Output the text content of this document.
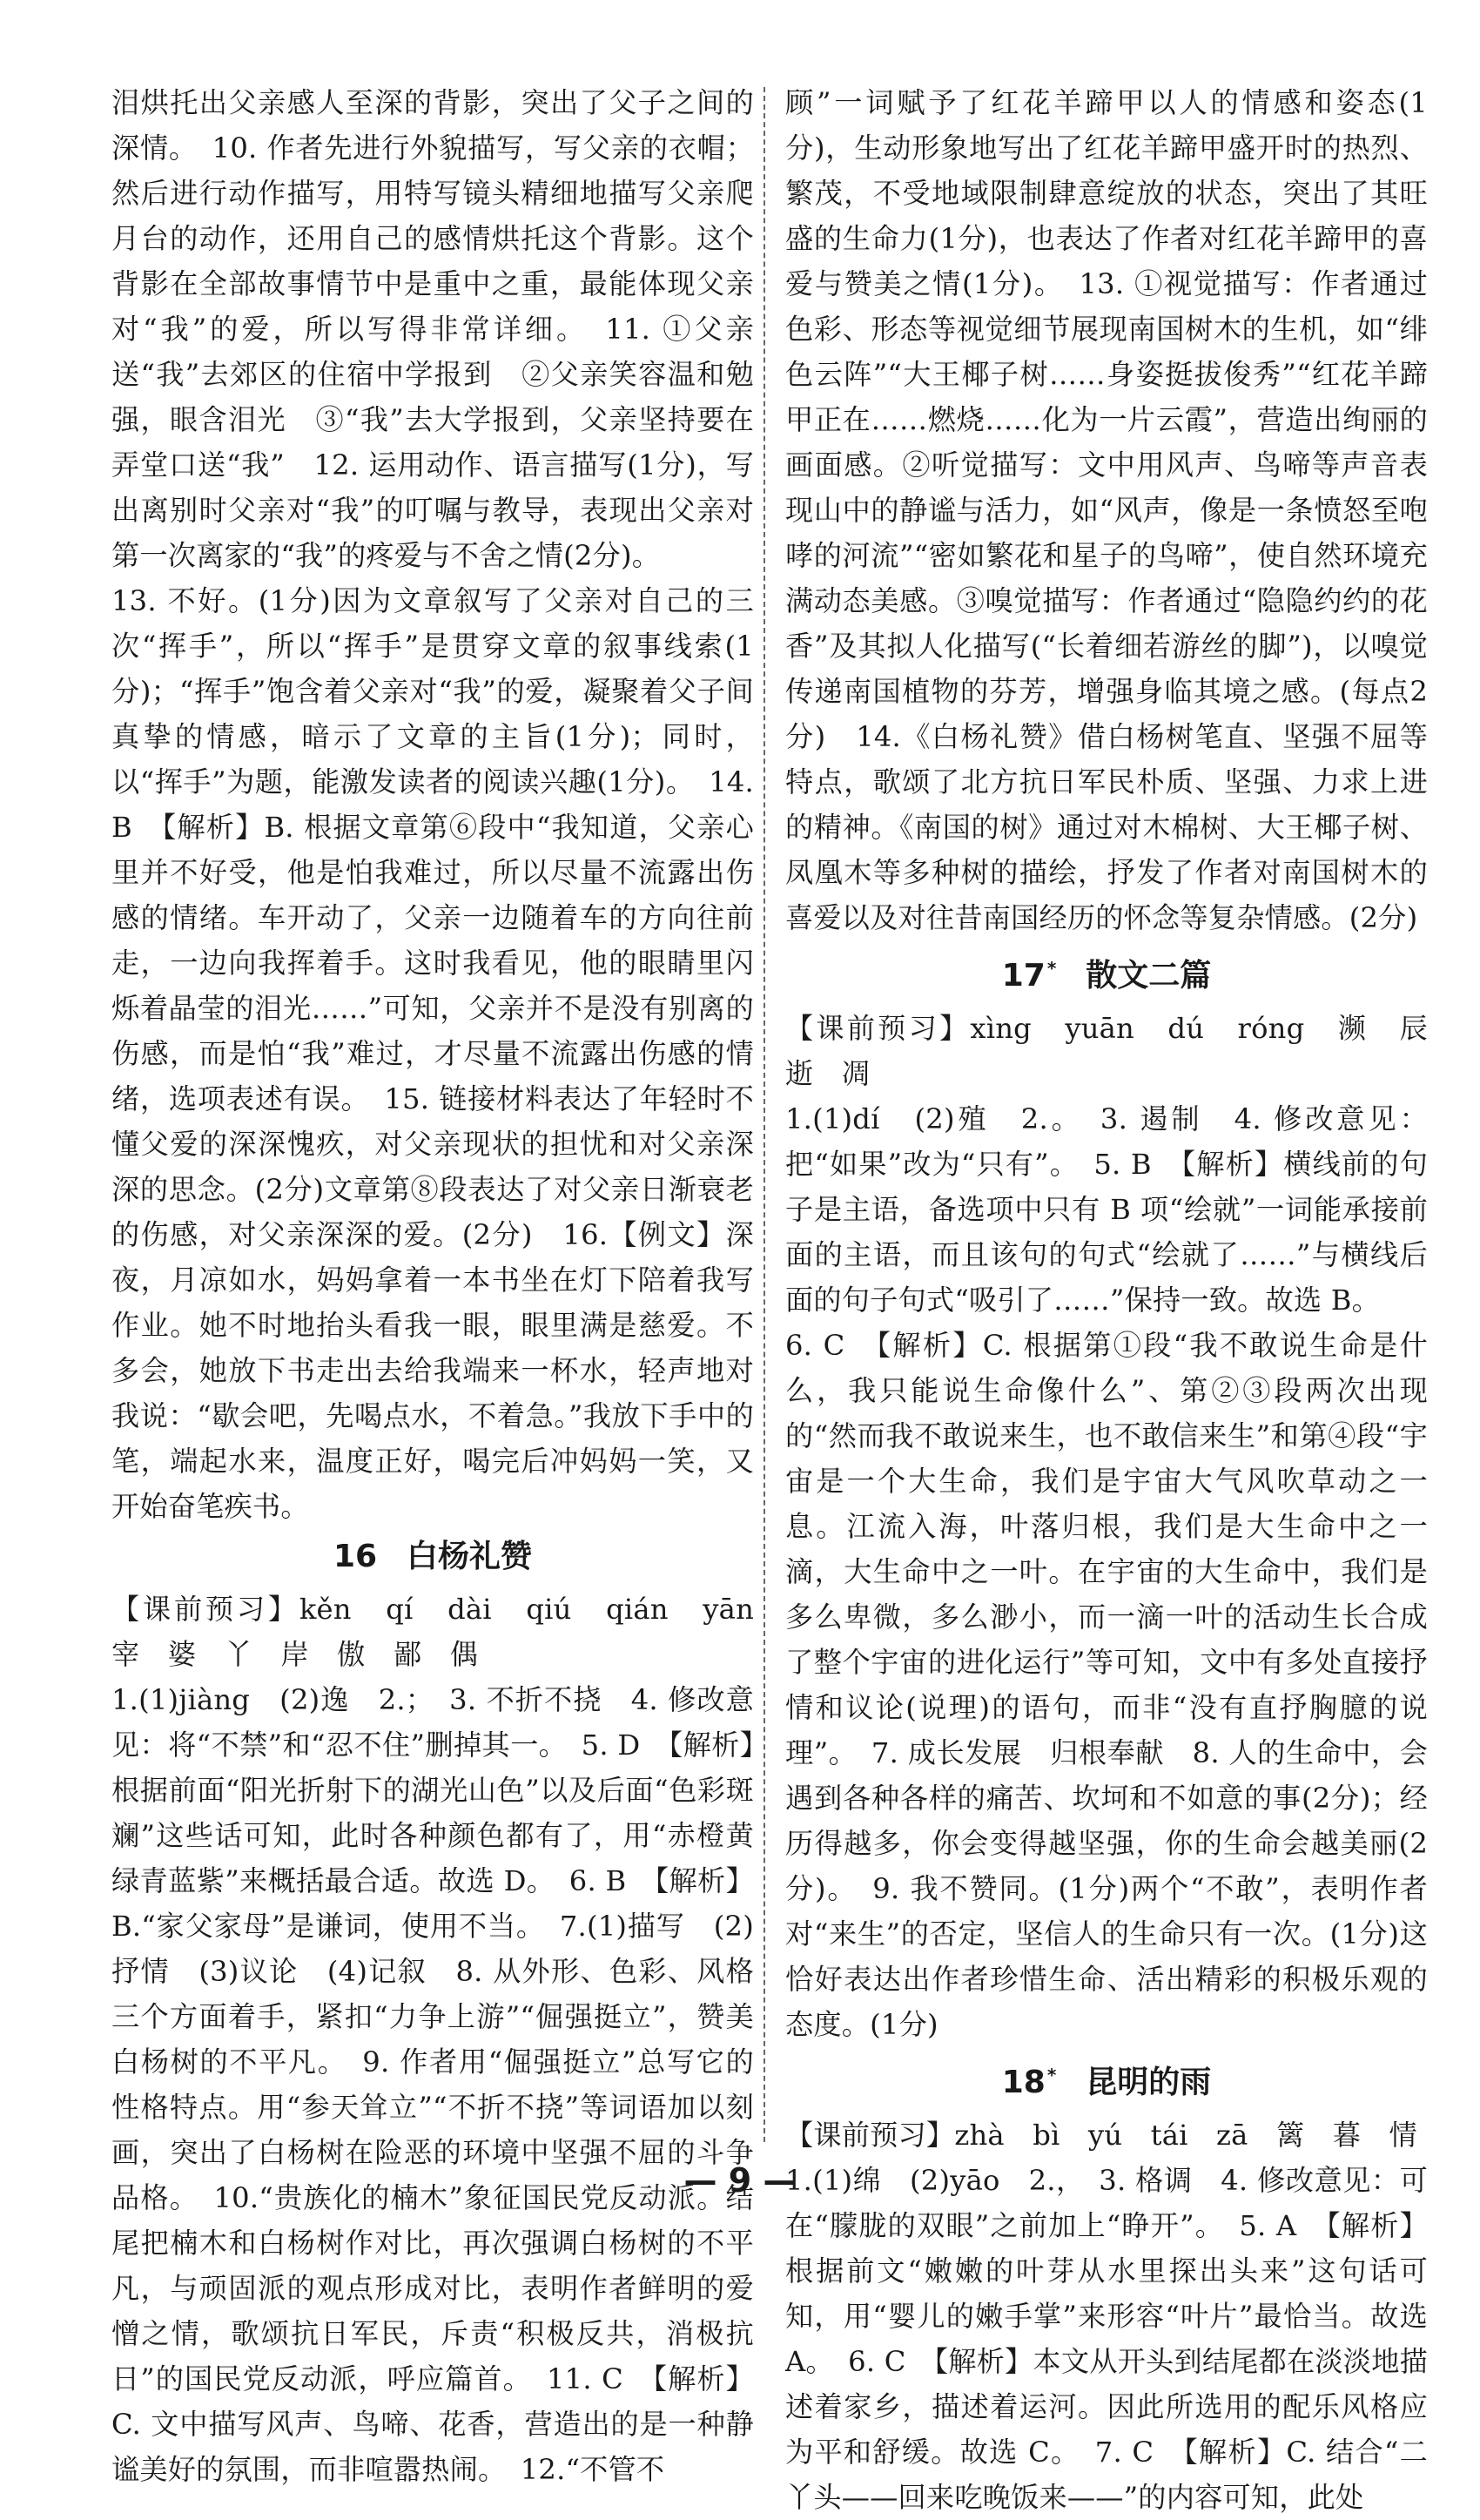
泪烘托出父亲感人至深的背影，突出了父子之间的深情。　10. 作者先进行外貌描写，写父亲的衣帽；然后进行动作描写，用特写镜头精细地描写父亲爬月台的动作，还用自己的感情烘托这个背影。这个背影在全部故事情节中是重中之重，最能体现父亲对“我”的爱，所以写得非常详细。　11. ①父亲送“我”去郊区的住宿中学报到　②父亲笑容温和勉强，眼含泪光　③“我”去大学报到，父亲坚持要在弄堂口送“我”　12. 运用动作、语言描写(1分)，写出离别时父亲对“我”的叮嘱与教导，表现出父亲对第一次离家的“我”的疼爱与不舍之情(2分)。

13. 不好。(1分)因为文章叙写了父亲对自己的三次“挥手”，所以“挥手”是贯穿文章的叙事线索(1分)；“挥手”饱含着父亲对“我”的爱，凝聚着父子间真挚的情感，暗示了文章的主旨(1分)；同时，以“挥手”为题，能激发读者的阅读兴趣(1分)。　14. B　【解析】B. 根据文章第⑥段中“我知道，父亲心里并不好受，他是怕我难过，所以尽量不流露出伤感的情绪。车开动了，父亲一边随着车的方向往前走，一边向我挥着手。这时我看见，他的眼睛里闪烁着晶莹的泪光……”可知，父亲并不是没有别离的伤感，而是怕“我”难过，才尽量不流露出伤感的情绪，选项表述有误。　15. 链接材料表达了年轻时不懂父爱的深深愧疚，对父亲现状的担忧和对父亲深深的思念。(2分)文章第⑧段表达了对父亲日渐衰老的伤感，对父亲深深的爱。(2分)　16.【例文】深夜，月凉如水，妈妈拿着一本书坐在灯下陪着我写作业。她不时地抬头看我一眼，眼里满是慈爱。不多会，她放下书走出去给我端来一杯水，轻声地对我说：“歇会吧，先喝点水，不着急。”我放下手中的笔，端起水来，温度正好，喝完后冲妈妈一笑，又开始奋笔疾书。

16 白杨礼赞

【课前预习】kěn　qí　dài　qiú　qián　yān　宰　婆　丫　岸　傲　鄙　偶

1.(1)jiàng　(2)逸　2.；　3. 不折不挠　4. 修改意见：将“不禁”和“忍不住”删掉其一。　5. D　【解析】根据前面“阳光折射下的湖光山色”以及后面“色彩斑斓”这些话可知，此时各种颜色都有了，用“赤橙黄绿青蓝紫”来概括最合适。故选 D。　6. B　【解析】B.“家父家母”是谦词，使用不当。　7.(1)描写　(2)抒情　(3)议论　(4)记叙　8. 从外形、色彩、风格三个方面着手，紧扣“力争上游”“倔强挺立”，赞美白杨树的不平凡。　9. 作者用“倔强挺立”总写它的性格特点。用“参天耸立”“不折不挠”等词语加以刻画，突出了白杨树在险恶的环境中坚强不屈的斗争品格。　10.“贵族化的楠木”象征国民党反动派。结尾把楠木和白杨树作对比，再次强调白杨树的不平凡，与顽固派的观点形成对比，表明作者鲜明的爱憎之情，歌颂抗日军民，斥责“积极反共，消极抗日”的国民党反动派，呼应篇首。　11. C　【解析】C. 文中描写风声、鸟啼、花香，营造出的是一种静谧美好的氛围，而非喧嚣热闹。　12.“不管不

顾”一词赋予了红花羊蹄甲以人的情感和姿态(1分)，生动形象地写出了红花羊蹄甲盛开时的热烈、繁茂，不受地域限制肆意绽放的状态，突出了其旺盛的生命力(1分)，也表达了作者对红花羊蹄甲的喜爱与赞美之情(1分)。　13. ①视觉描写：作者通过色彩、形态等视觉细节展现南国树木的生机，如“绯色云阵”“大王椰子树……身姿挺拔俊秀”“红花羊蹄甲正在……燃烧……化为一片云霞”，营造出绚丽的画面感。②听觉描写：文中用风声、鸟啼等声音表现山中的静谧与活力，如“风声，像是一条愤怒至咆哮的河流”“密如繁花和星子的鸟啼”，使自然环境充满动态美感。③嗅觉描写：作者通过“隐隐约约的花香”及其拟人化描写(“长着细若游丝的脚”)，以嗅觉传递南国植物的芬芳，增强身临其境之感。(每点2分)　14.《白杨礼赞》借白杨树笔直、坚强不屈等特点，歌颂了北方抗日军民朴质、坚强、力求上进的精神。《南国的树》通过对木棉树、大王椰子树、凤凰木等多种树的描绘，抒发了作者对南国树木的喜爱以及对往昔南国经历的怀念等复杂情感。(2分)

17 * 散文二篇

【课前预习】xìng　yuān　dú　róng　濒　辰　逝　凋

1.(1)dí　(2)殖　2.。　3. 遏制　4. 修改意见：把“如果”改为“只有”。　5. B　【解析】横线前的句子是主语，备选项中只有 B 项“绘就”一词能承接前面的主语，而且该句的句式“绘就了……”与横线后面的句子句式“吸引了……”保持一致。故选 B。

6. C　【解析】C. 根据第①段“我不敢说生命是什么，我只能说生命像什么”、第②③段两次出现的“然而我不敢说来生，也不敢信来生”和第④段“宇宙是一个大生命，我们是宇宙大气风吹草动之一息。江流入海，叶落归根，我们是大生命中之一滴，大生命中之一叶。在宇宙的大生命中，我们是多么卑微，多么渺小，而一滴一叶的活动生长合成了整个宇宙的进化运行”等可知，文中有多处直接抒情和议论(说理)的语句，而非“没有直抒胸臆的说理”。　7. 成长发展　归根奉献　8. 人的生命中，会遇到各种各样的痛苦、坎坷和不如意的事(2分)；经历得越多，你会变得越坚强，你的生命会越美丽(2分)。　9. 我不赞同。(1分)两个“不敢”，表明作者对“来生”的否定，坚信人的生命只有一次。(1分)这恰好表达出作者珍惜生命、活出精彩的积极乐观的态度。(1分)

18 * 昆明的雨

【课前预习】zhà　bì　yú　tái　zā　篱　暮　情

1.(1)绵　(2)yāo　2.，　3. 格调　4. 修改意见：可在“朦胧的双眼”之前加上“睁开”。　5. A　【解析】根据前文“嫩嫩的叶芽从水里探出头来”这句话可知，用“婴儿的嫩手掌”来形容“叶片”最恰当。故选 A。　6. C　【解析】本文从开头到结尾都在淡淡地描述着家乡，描述着运河。因此所选用的配乐风格应为平和舒缓。故选 C。　7. C　【解析】C. 结合“二丫头——回来吃晚饭来——”的内容可知，此处

— 9 —
